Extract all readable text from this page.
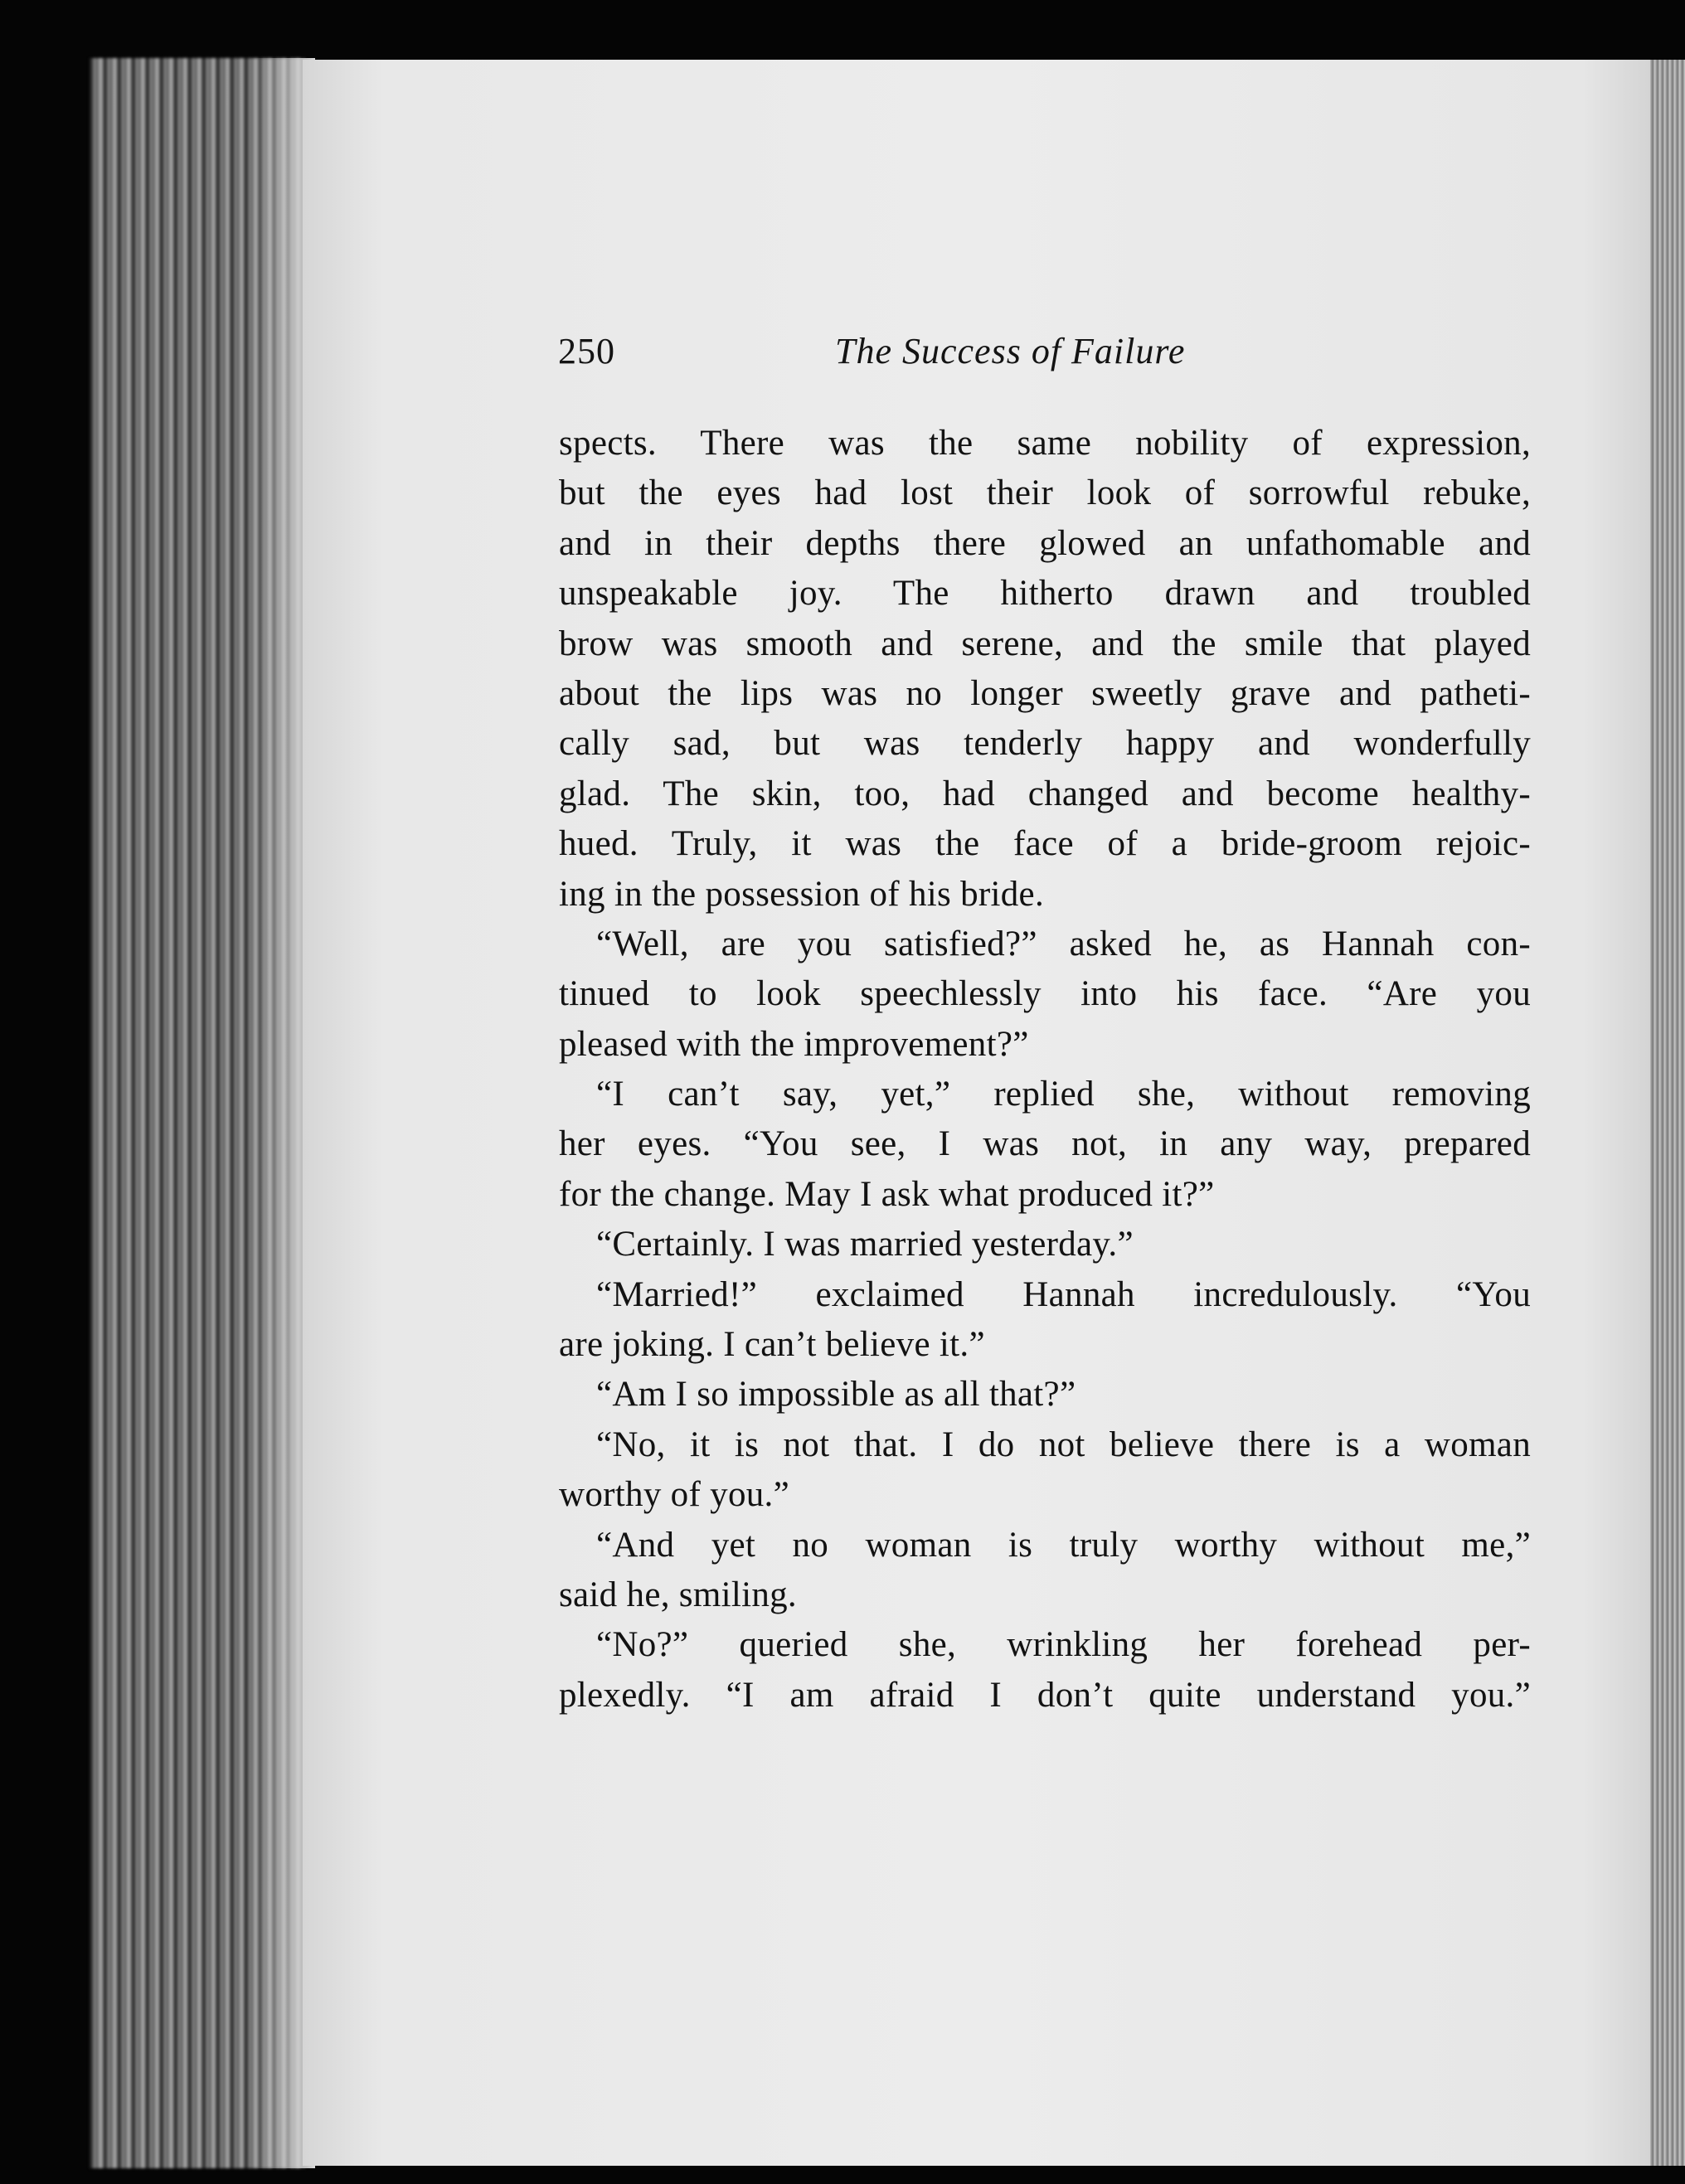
250	The Success of Failure
spects. There was the same nobility of expression,
but the eyes had lost their look of sorrowful rebuke,
and in their depths there glowed an unfathomable and
unspeakable joy. The hitherto drawn and troubled
brow was smooth and serene, and the smile that played
about the lips was no longer sweetly grave and patheti-
cally sad, but was tenderly happy and wonderfully
glad. The skin, too, had changed and become healthy-
hued. Truly, it was the face of a bride-groom rejoic-
ing in the possession of his bride.
“Well, are you satisfied?” asked he, as Hannah con-
tinued to look speechlessly into his face. “Are you
pleased with the improvement?”
“I can’t say, yet,” replied she, without removing
her eyes. “You see, I was not, in any way, prepared
for the change. May I ask what produced it?”
“Certainly. I was married yesterday.”
“Married!” exclaimed Hannah incredulously. “You
are joking. I can’t believe it.”
“Am I so impossible as all that?”
“No, it is not that. I do not believe there is a woman
worthy of you.”
“And yet no woman is truly worthy without me,”
said he, smiling.
“No?” queried she, wrinkling her forehead per-
plexedly. “I am afraid I don’t quite understand you.”
